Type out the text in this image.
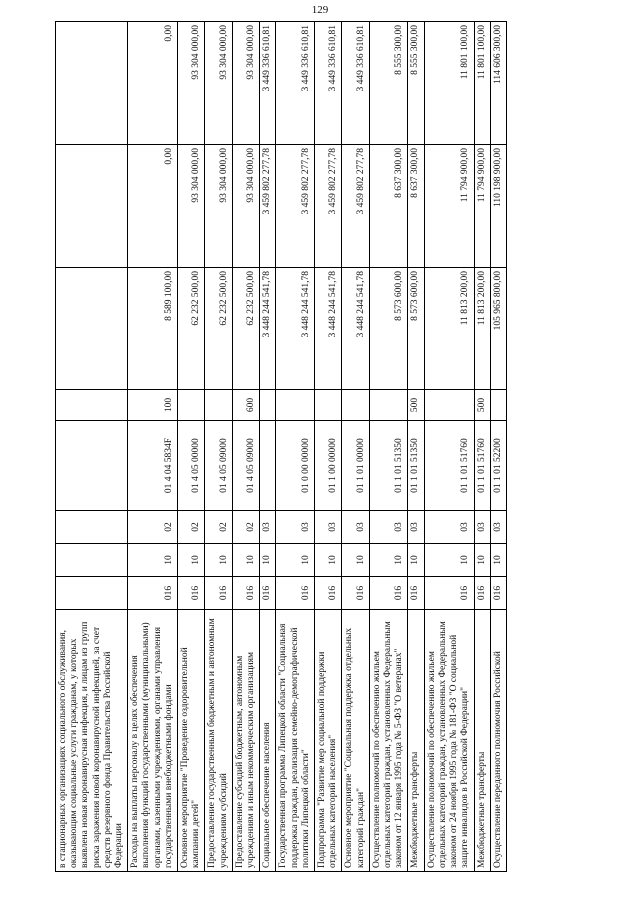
129
в стационарных организациях социального обслуживания, оказывающим социальные услуги гражданам, у которых выявлена новая коронавирусная инфекция, и лицам из групп риска заражения новой коронавирусной инфекцией, за счет средств резервного фонда Правительства Российской Федерации								
Расходы на выплаты персоналу в целях обеспечения выполнения функций государственными (муниципальными) органами, казенными учреждениями, органами управления государственными внебюджетными фондами	016	10	02	01 4 04 5834F	100	8 589 100,00	0,00	0,00
Основное мероприятие "Проведение оздоровительной кампании детей"	016	10	02	01 4 05 00000		62 232 500,00	93 304 000,00	93 304 000,00
Предоставление государственным бюджетным и автономным учреждениям субсидий	016	10	02	01 4 05 09000		62 232 500,00	93 304 000,00	93 304 000,00
Предоставление субсидий бюджетным, автономным учреждениям и иным некоммерческим организациям	016	10	02	01 4 05 09000	600	62 232 500,00	93 304 000,00	93 304 000,00
Социальное обеспечение населения	016	10	03			3 448 244 541,78	3 459 802 277,78	3 449 336 610,81
Государственная программа Липецкой области "Социальная поддержка граждан, реализация семейно-демографической политики Липецкой области"	016	10	03	01 0 00 00000		3 448 244 541,78	3 459 802 277,78	3 449 336 610,81
Подпрограмма "Развитие мер социальной поддержки отдельных категорий населения"	016	10	03	01 1 00 00000		3 448 244 541,78	3 459 802 277,78	3 449 336 610,81
Основное мероприятие "Социальная поддержка отдельных категорий граждан"	016	10	03	01 1 01 00000		3 448 244 541,78	3 459 802 277,78	3 449 336 610,81
Осуществление полномочий по обеспечению жильем отдельных категорий граждан, установленных Федеральным законом от 12 января 1995 года № 5-ФЗ "О ветеранах"	016	10	03	01 1 01 51350		8 573 600,00	8 637 300,00	8 555 300,00
Межбюджетные трансферты	016	10	03	01 1 01 51350	500	8 573 600,00	8 637 300,00	8 555 300,00
Осуществление полномочий по обеспечению жильем отдельных категорий граждан, установленных Федеральным законом от 24 ноября 1995 года № 181-ФЗ "О социальной защите инвалидов в Российской Федерации"	016	10	03	01 1 01 51760		11 813 200,00	11 794 900,00	11 801 100,00
Межбюджетные трансферты	016	10	03	01 1 01 51760	500	11 813 200,00	11 794 900,00	11 801 100,00
Осуществление переданного полномочия Российской	016	10	03	01 1 01 52200		105 965 800,00	110 198 900,00	114 606 300,00
